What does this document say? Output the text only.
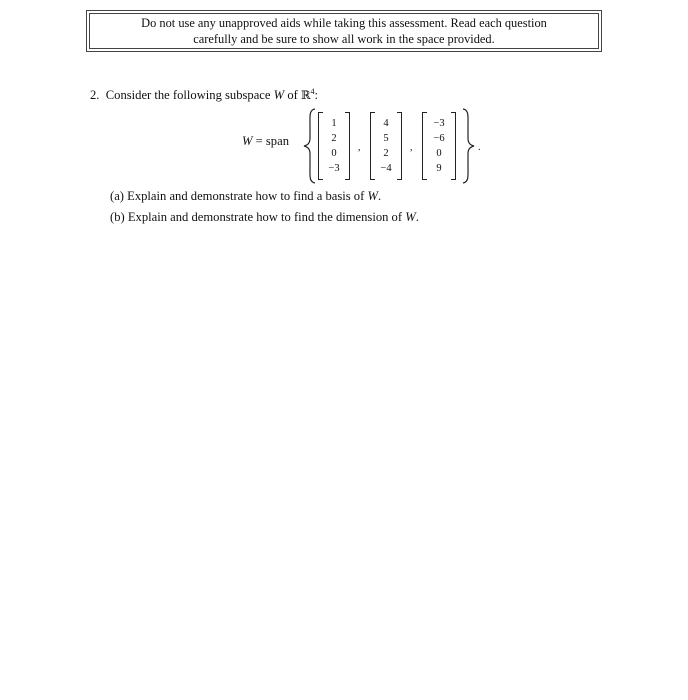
Do not use any unapproved aids while taking this assessment. Read each question
carefully and be sure to show all work in the space provided.
2. Consider the following subspace W of ℝ$^4$:
W = span
1
2
0
−3
,
4
5
2
−4
,
−3
−6
0
9
.
(a) Explain and demonstrate how to find a basis of W.
(b) Explain and demonstrate how to find the dimension of W.
